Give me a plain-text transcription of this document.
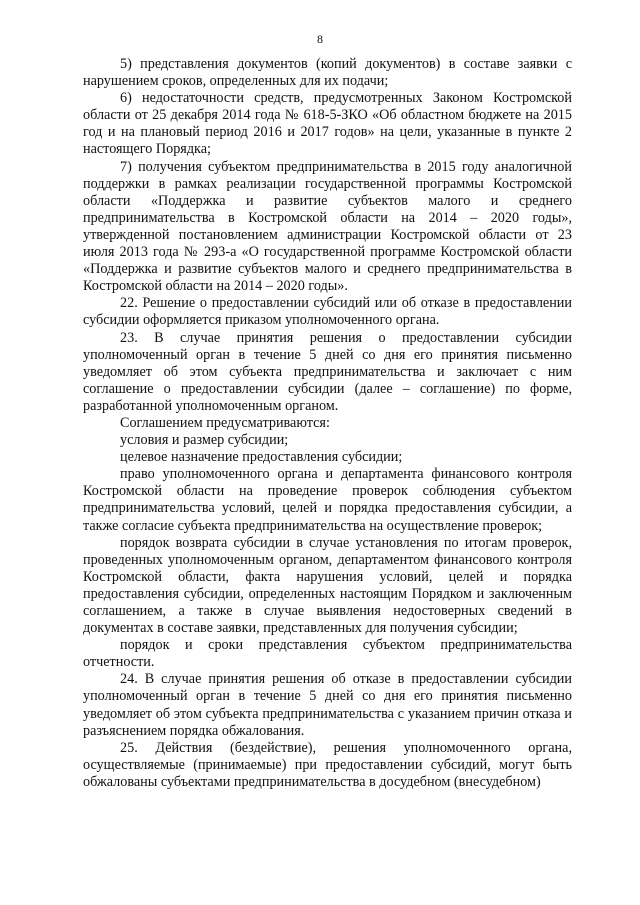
8

5) представления документов (копий документов) в составе заявки с нарушением сроков, определенных для их подачи;

6) недостаточности средств, предусмотренных Законом Костромской области от 25 декабря 2014 года № 618-5-ЗКО «Об областном бюджете на 2015 год и на плановый период 2016 и 2017 годов» на цели, указанные в пункте 2 настоящего Порядка;

7) получения субъектом предпринимательства в 2015 году аналогичной поддержки в рамках реализации государственной программы Костромской области «Поддержка и развитие субъектов малого и среднего предпринимательства в Костромской области на 2014 – 2020 годы», утвержденной постановлением администрации Костромской области от 23 июля 2013 года № 293-а «О государственной программе Костромской области «Поддержка и развитие субъектов малого и среднего предпринимательства в Костромской области на 2014 – 2020 годы».

22. Решение о предоставлении субсидий или об отказе в предоставлении субсидии оформляется приказом уполномоченного органа.

23. В случае принятия решения о предоставлении субсидии уполномоченный орган в течение 5 дней со дня его принятия письменно уведомляет об этом субъекта предпринимательства и заключает с ним соглашение о предоставлении субсидии (далее – соглашение) по форме, разработанной уполномоченным органом.

Соглашением предусматриваются:

условия и размер субсидии;

целевое назначение предоставления субсидии;

право уполномоченного органа и департамента финансового контроля Костромской области на проведение проверок соблюдения субъектом предпринимательства условий, целей и порядка предоставления субсидии, а также согласие субъекта предпринимательства на осуществление проверок;

порядок возврата субсидии в случае установления по итогам проверок, проведенных уполномоченным органом, департаментом финансового контроля Костромской области, факта нарушения условий, целей и порядка предоставления субсидии, определенных настоящим Порядком и заключенным соглашением, а также в случае выявления недостоверных сведений в документах в составе заявки, представленных для получения субсидии;

порядок и сроки представления субъектом предпринимательства отчетности.

24. В случае принятия решения об отказе в предоставлении субсидии уполномоченный орган в течение 5 дней со дня его принятия письменно уведомляет об этом субъекта предпринимательства с указанием причин отказа и разъяснением порядка обжалования.

25. Действия (бездействие), решения уполномоченного органа, осуществляемые (принимаемые) при предоставлении субсидий, могут быть обжалованы субъектами предпринимательства в досудебном (внесудебном)
